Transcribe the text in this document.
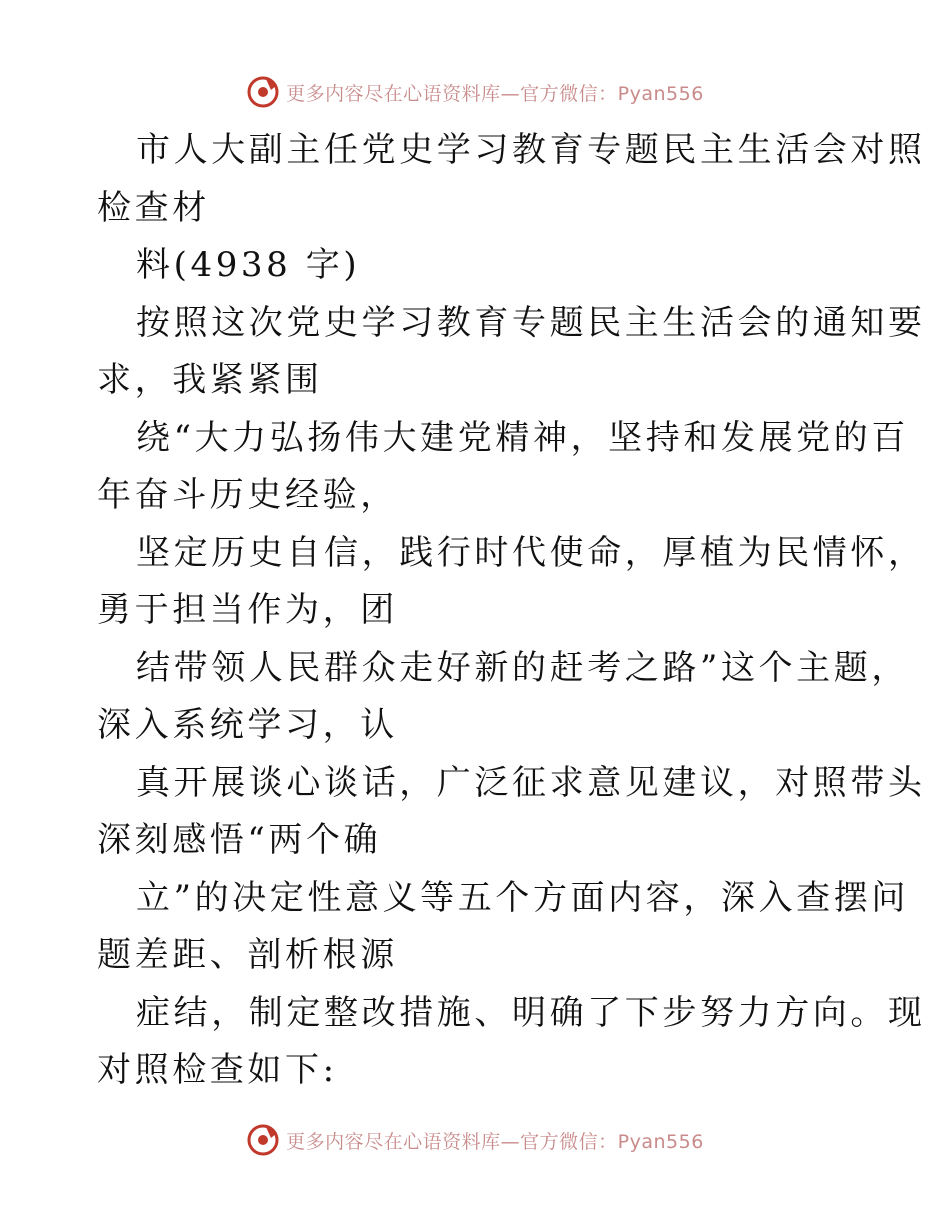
更多内容尽在心语资料库—官方微信：Pyan556
市人大副主任党史学习教育专题民主生活会对照
检查材
料(4938 字)
按照这次党史学习教育专题民主生活会的通知要
求，我紧紧围
绕“大力弘扬伟大建党精神，坚持和发展党的百
年奋斗历史经验，
坚定历史自信，践行时代使命，厚植为民情怀，
勇于担当作为，团
结带领人民群众走好新的赶考之路”这个主题，
深入系统学习，认
真开展谈心谈话，广泛征求意见建议，对照带头
深刻感悟“两个确
立”的决定性意义等五个方面内容，深入查摆问
题差距、剖析根源
症结，制定整改措施、明确了下步努力方向。现
对照检查如下:
更多内容尽在心语资料库—官方微信：Pyan556
